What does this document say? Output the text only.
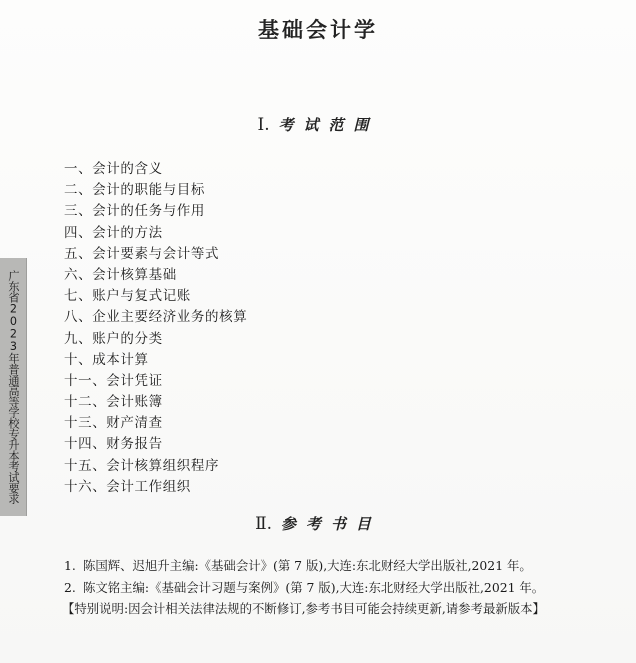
基础会计学
Ⅰ. 考试范围
一、会计的含义
二、会计的职能与目标
三、会计的任务与作用
四、会计的方法
五、会计要素与会计等式
六、会计核算基础
七、账户与复式记账
八、企业主要经济业务的核算
九、账户的分类
十、成本计算
十一、会计凭证
十二、会计账簿
十三、财产清查
十四、财务报告
十五、会计核算组织程序
十六、会计工作组织
广东省2023年普通高等学校专升本考试要求
Ⅱ. 参考书目
1. 陈国辉、迟旭升主编:《基础会计》(第 7 版),大连:东北财经大学出版社,2021 年。
2. 陈文铭主编:《基础会计习题与案例》(第 7 版),大连:东北财经大学出版社,2021 年。
【特别说明:因会计相关法律法规的不断修订,参考书目可能会持续更新,请参考最新版本】
